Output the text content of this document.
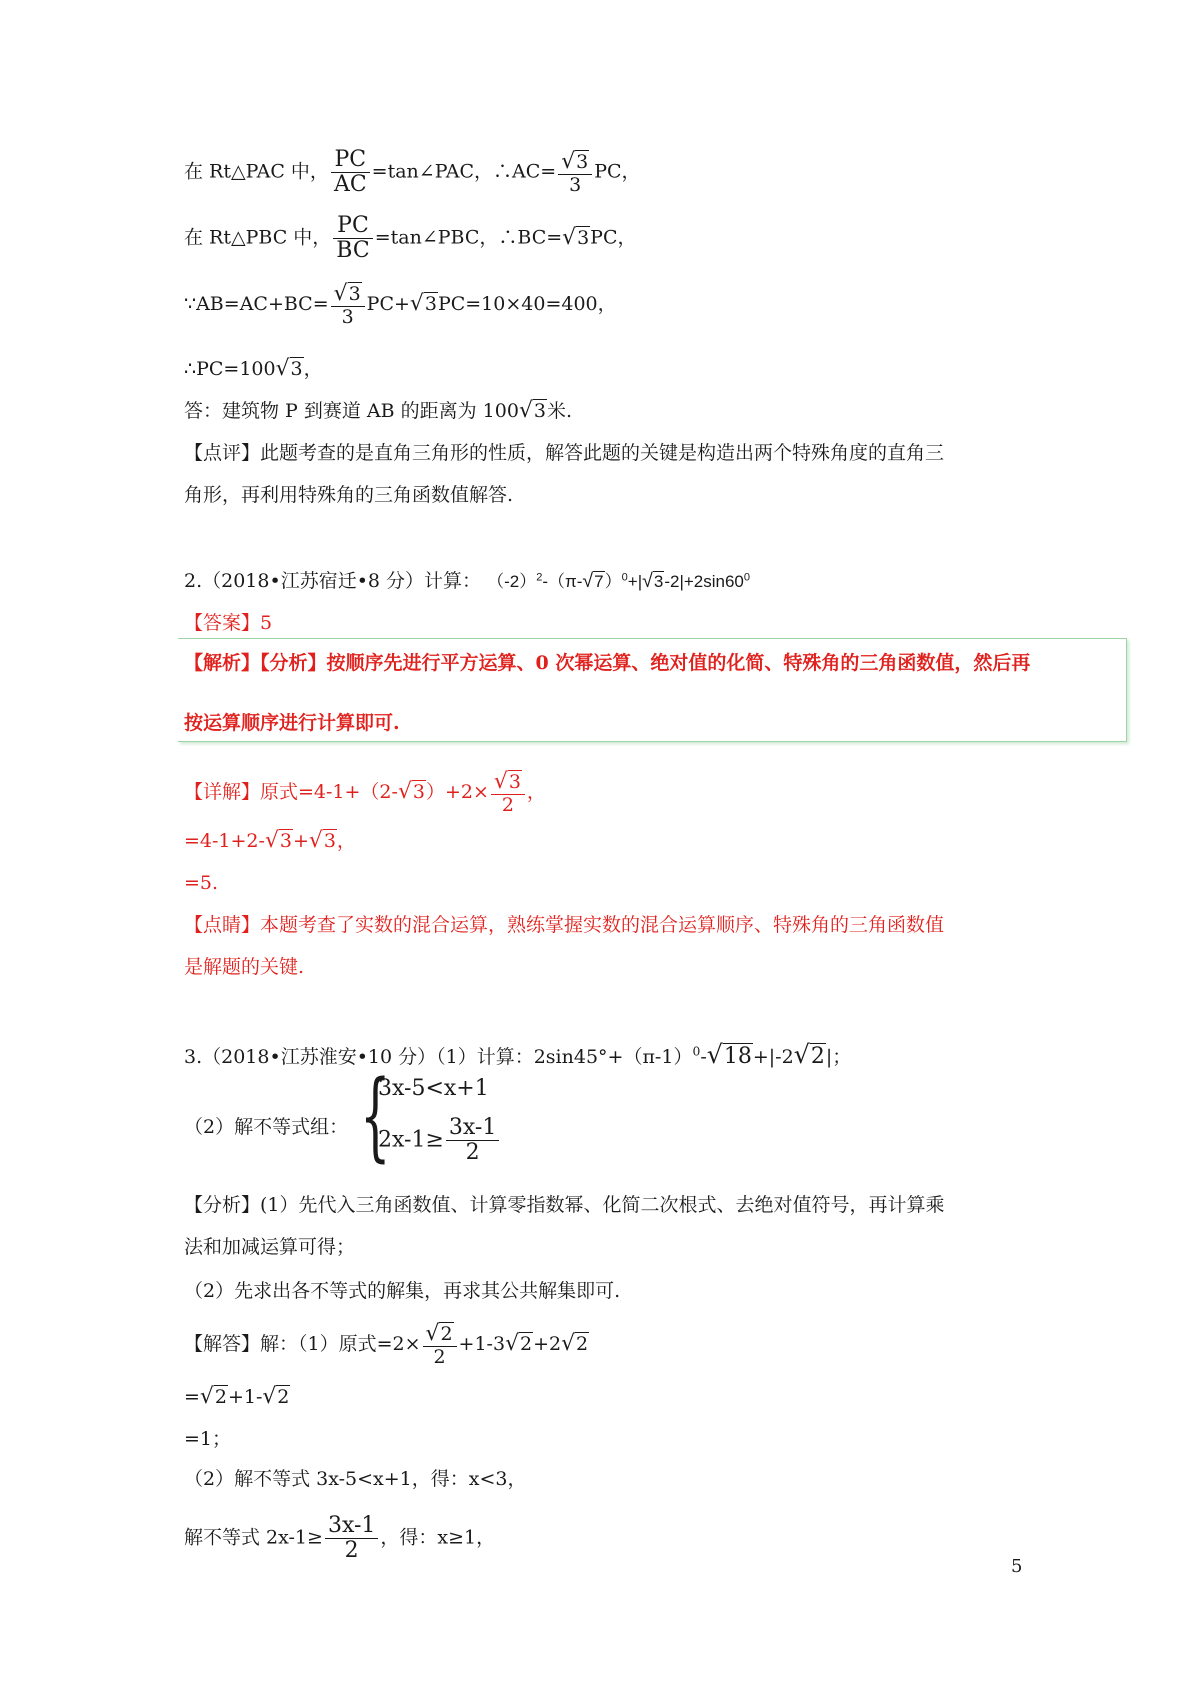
在 Rt△PAC 中， $\frac{PC}{AC}$ =tan∠PAC，∴AC= $\frac{√3}{3}$ PC，
在 Rt△PBC 中， $\frac{PC}{BC}$ =tan∠PBC，∴BC=√3PC，
∵AB=AC+BC= $\frac{√3}{3} PC+√3PC=10\times 40=400$，
∴PC=100√3，
答：建筑物 P 到赛道 AB 的距离为 100√3米.
【点评】此题考查的是直角三角形的性质，解答此题的关键是构造出两个特殊角度的直角三
角形，再利用特殊角的三角函数值解答.
2.（2018•江苏宿迁•8 分）计算： $(-2)^2-(\pi-√7)^0+|√3-2|+2\sin 60^0$
【答案】5
【解析】【分析】按顺序先进行平方运算、0 次幂运算、绝对值的化简、特殊角的三角函数值，然后再
按运算顺序进行计算即可.
【详解】原式$=4-1+(2-√3)+2\times \frac{√3}{2}$ ，
=4-1+2-√3+√3，
=5.
【点睛】本题考查了实数的混合运算，熟练掌握实数的混合运算顺序、特殊角的三角函数值
是解题的关键.
3.（2018•江苏淮安•10 分）（1）计算：$2\sin 45^\circ+(\pi-1)^0-√18+|-2√2|$；
（2）解不等式组： {
3x-5<x+1
$2x-1\ge \frac{3x-1}{2}$
【分析】(1）先代入三角函数值、计算零指数幂、化简二次根式、去绝对值符号，再计算乘
法和加减运算可得；
（2）先求出各不等式的解集，再求其公共解集即可.
【解答】解：（1）原式$=2\times \frac{√2}{2} +1-3√2+2√2$
=√2+1-√2
=1；
（2）解不等式 3x-5<x+1，得：x<3，
解不等式 $2x-1\ge \frac{3x-1}{2}$ ，得：x≥1，
5
